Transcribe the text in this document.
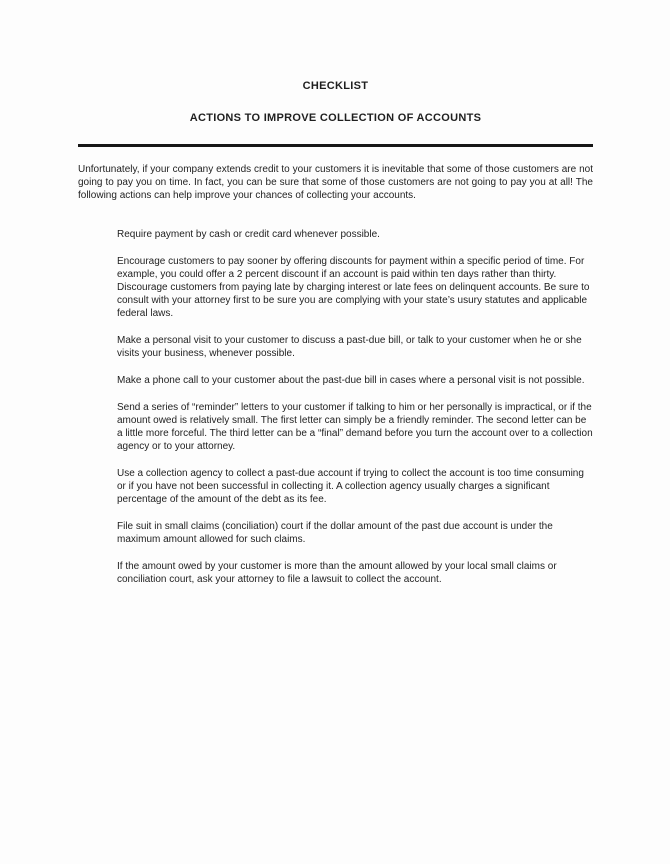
CHECKLIST
ACTIONS TO IMPROVE COLLECTION OF ACCOUNTS

Unfortunately, if your company extends credit to your customers it is inevitable that some of those customers are not going to pay you on time. In fact, you can be sure that some of those customers are not going to pay you at all! The following actions can help improve your chances of collecting your accounts.

Require payment by cash or credit card whenever possible.

Encourage customers to pay sooner by offering discounts for payment within a specific period of time. For example, you could offer a 2 percent discount if an account is paid within ten days rather than thirty. Discourage customers from paying late by charging interest or late fees on delinquent accounts. Be sure to consult with your attorney first to be sure you are complying with your state’s usury statutes and applicable federal laws.

Make a personal visit to your customer to discuss a past-due bill, or talk to your customer when he or she visits your business, whenever possible.

Make a phone call to your customer about the past-due bill in cases where a personal visit is not possible.

Send a series of “reminder” letters to your customer if talking to him or her personally is impractical, or if the amount owed is relatively small. The first letter can simply be a friendly reminder. The second letter can be a little more forceful. The third letter can be a “final” demand before you turn the account over to a collection agency or to your attorney.

Use a collection agency to collect a past-due account if trying to collect the account is too time consuming or if you have not been successful in collecting it. A collection agency usually charges a significant percentage of the amount of the debt as its fee.

File suit in small claims (conciliation) court if the dollar amount of the past due account is under the maximum amount allowed for such claims.

If the amount owed by your customer is more than the amount allowed by your local small claims or conciliation court, ask your attorney to file a lawsuit to collect the account.
